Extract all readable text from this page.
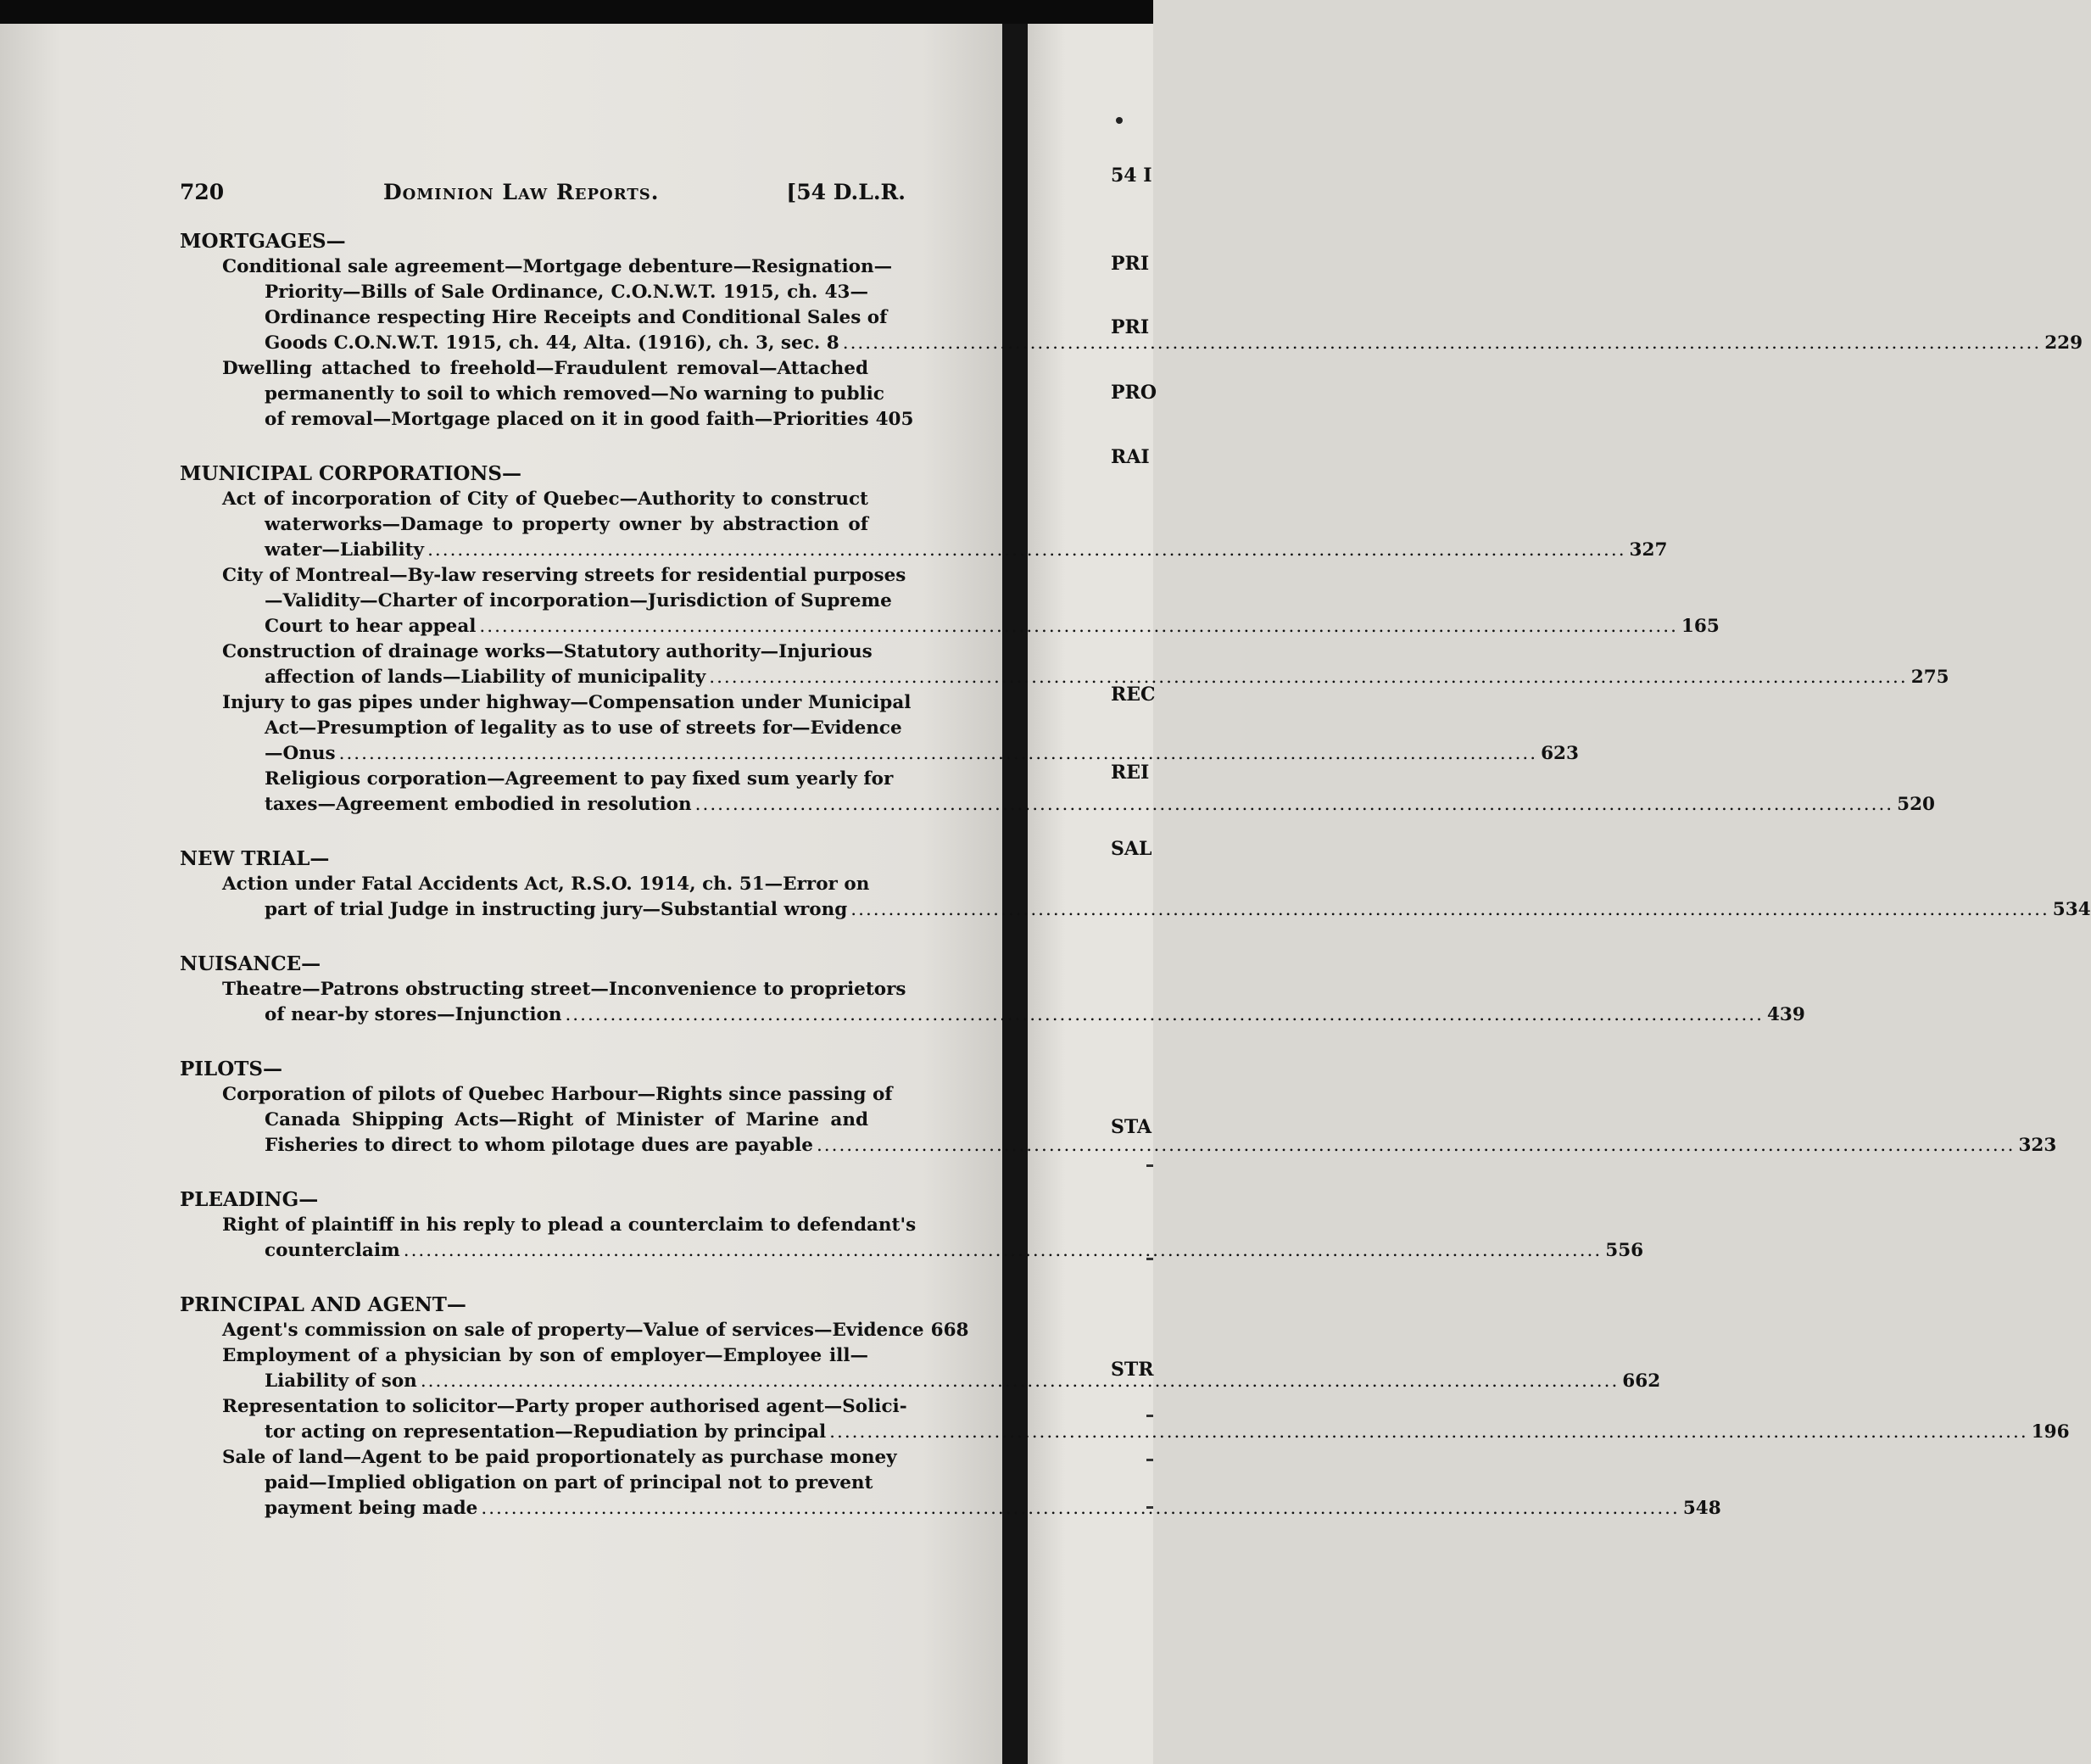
54 I
PRI
PRI
PRO
RAI
REC
REI
SAL
STA
STR
720	Dominion Law Reports.	[54 D.L.R.
MORTGAGES—
Conditional sale agreement—Mortgage debenture—Resignation—
Priority—Bills of Sale Ordinance, C.O.N.W.T. 1915, ch. 43—
Ordinance respecting Hire Receipts and Conditional Sales of
Goods C.O.N.W.T. 1915, ch. 44, Alta. (1916), ch. 3, sec. 8 .....	229
Dwelling attached to freehold—Fraudulent removal—Attached
permanently to soil to which removed—No warning to public
of removal—Mortgage placed on it in good faith—Priorities 405
MUNICIPAL CORPORATIONS—
Act of incorporation of City of Quebec—Authority to construct
waterworks—Damage to property owner by abstraction of
water—Liability .....	327
City of Montreal—By-law reserving streets for residential purposes
—Validity—Charter of incorporation—Jurisdiction of Supreme
Court to hear appeal .....	165
Construction of drainage works—Statutory authority—Injurious
affection of lands—Liability of municipality .....	275
Injury to gas pipes under highway—Compensation under Municipal
Act—Presumption of legality as to use of streets for—Evidence
—Onus .....	623
Religious corporation—Agreement to pay fixed sum yearly for
taxes—Agreement embodied in resolution .....	520
NEW TRIAL—
Action under Fatal Accidents Act, R.S.O. 1914, ch. 51—Error on
part of trial Judge in instructing jury—Substantial wrong .....	534
NUISANCE—
Theatre—Patrons obstructing street—Inconvenience to proprietors
of near-by stores—Injunction .....	439
PILOTS—
Corporation of pilots of Quebec Harbour—Rights since passing of
Canada Shipping Acts—Right of Minister of Marine and
Fisheries to direct to whom pilotage dues are payable .....	323
PLEADING—
Right of plaintiff in his reply to plead a counterclaim to defendant's
counterclaim .....	556
PRINCIPAL AND AGENT—
Agent's commission on sale of property—Value of services—Evidence 668
Employment of a physician by son of employer—Employee ill—
Liability of son .....	662
Representation to solicitor—Party proper authorised agent—Solici-
tor acting on representation—Repudiation by principal .....	196
Sale of land—Agent to be paid proportionately as purchase money
paid—Implied obligation on part of principal not to prevent
payment being made .....	548
